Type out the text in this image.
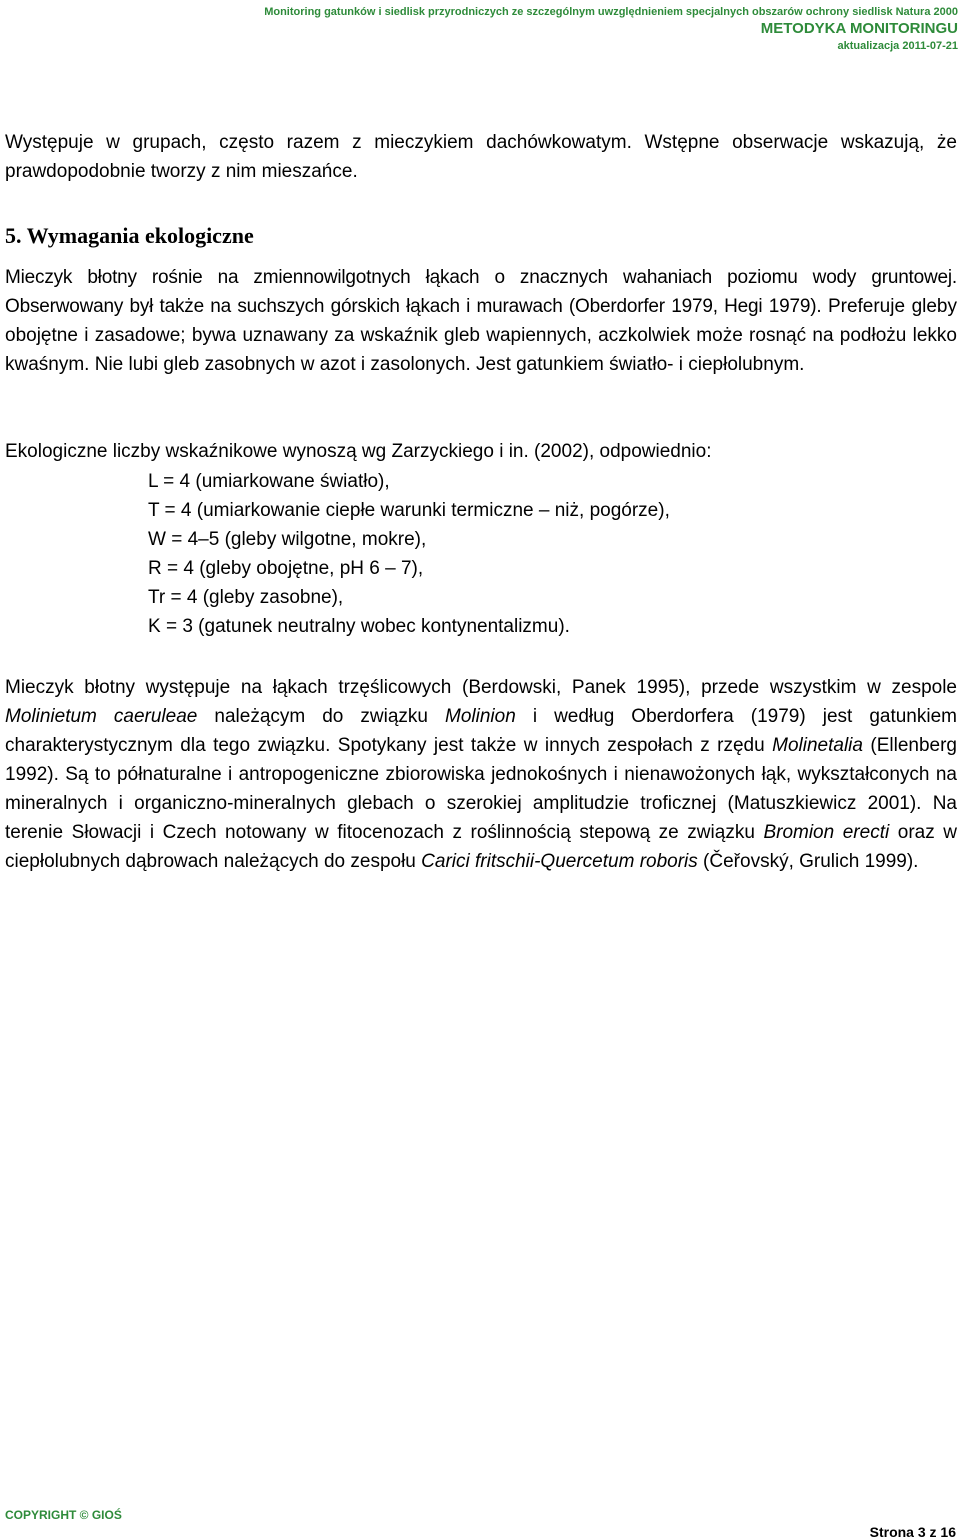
Monitoring gatunków i siedlisk przyrodniczych ze szczególnym uwzględnieniem specjalnych obszarów ochrony siedlisk Natura 2000
METODYKA MONITORINGU
aktualizacja 2011-07-21

Występuje w grupach, często razem z mieczykiem dachówkowatym. Wstępne obserwacje wskazują, że prawdopodobnie tworzy z nim mieszańce.

5. Wymagania ekologiczne

Mieczyk błotny rośnie na zmiennowilgotnych łąkach o znacznych wahaniach poziomu wody gruntowej. Obserwowany był także na suchszych górskich łąkach i murawach (Oberdorfer 1979, Hegi 1979). Preferuje gleby obojętne i zasadowe; bywa uznawany za wskaźnik gleb wapiennych, aczkolwiek może rosnąć na podłożu lekko kwaśnym. Nie lubi gleb zasobnych w azot i zasolonych. Jest gatunkiem światło- i ciepłolubnym.

Ekologiczne liczby wskaźnikowe wynoszą wg Zarzyckiego i in. (2002), odpowiednio:

L = 4 (umiarkowane światło),
T = 4 (umiarkowanie ciepłe warunki termiczne – niż, pogórze),
W = 4–5 (gleby wilgotne, mokre),
R = 4 (gleby obojętne, pH 6 – 7),
Tr = 4 (gleby zasobne),
K = 3 (gatunek neutralny wobec kontynentalizmu).

Mieczyk błotny występuje na łąkach trzęślicowych (Berdowski, Panek 1995), przede wszystkim w zespole Molinietum caeruleae należącym do związku Molinion i według Oberdorfera (1979) jest gatunkiem charakterystycznym dla tego związku. Spotykany jest także w innych zespołach z rzędu Molinetalia (Ellenberg 1992). Są to półnaturalne i antropogeniczne zbiorowiska jednokośnych i nienawożonych łąk, wykształconych na mineralnych i organiczno-mineralnych glebach o szerokiej amplitudzie troficznej (Matuszkiewicz 2001). Na terenie Słowacji i Czech notowany w fitocenozach z roślinnością stepową ze związku Bromion erecti oraz w ciepłolubnych dąbrowach należących do zespołu Carici fritschii-Quercetum roboris (Čeřovský, Grulich 1999).

COPYRIGHT © GIOŚ
Strona 3 z 16
